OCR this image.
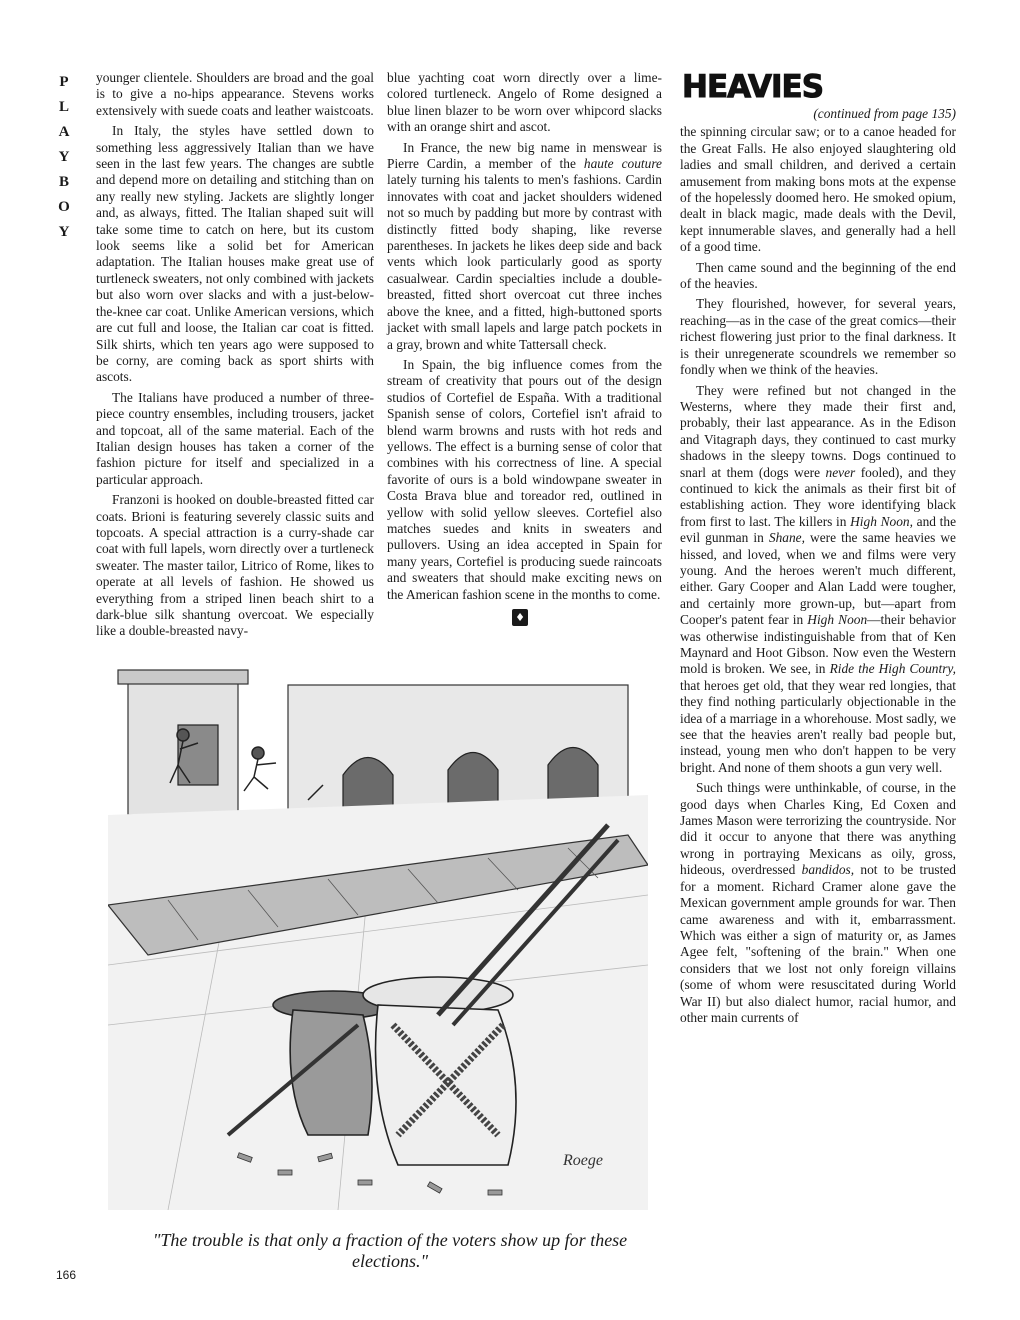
P
L
A
Y
B
O
Y

younger clientele. Shoulders are broad and the goal is to give a no-hips appearance. Stevens works extensively with suede coats and leather waistcoats.

In Italy, the styles have settled down to something less aggressively Italian than we have seen in the last few years. The changes are subtle and depend more on detailing and stitching than on any really new styling. Jackets are slightly longer and, as always, fitted. The Italian shaped suit will take some time to catch on here, but its custom look seems like a solid bet for American adaptation. The Italian houses make great use of turtleneck sweaters, not only combined with jackets but also worn over slacks and with a just-below-the-knee car coat. Unlike American versions, which are cut full and loose, the Italian car coat is fitted. Silk shirts, which ten years ago were supposed to be corny, are coming back as sport shirts with ascots.

The Italians have produced a number of three-piece country ensembles, including trousers, jacket and topcoat, all of the same material. Each of the Italian design houses has taken a corner of the fashion picture for itself and specialized in a particular approach.

Franzoni is hooked on double-breasted fitted car coats. Brioni is featuring severely classic suits and topcoats. A special attraction is a curry-shade car coat with full lapels, worn directly over a turtleneck sweater. The master tailor, Litrico of Rome, likes to operate at all levels of fashion. He showed us everything from a striped linen beach shirt to a dark-blue silk shantung overcoat. We especially like a double-breasted navy-

blue yachting coat worn directly over a lime-colored turtleneck. Angelo of Rome designed a blue linen blazer to be worn over whipcord slacks with an orange shirt and ascot.

In France, the new big name in menswear is Pierre Cardin, a member of the haute couture lately turning his talents to men's fashions. Cardin innovates with coat and jacket shoulders widened not so much by padding but more by contrast with distinctly fitted body shaping, like reverse parentheses. In jackets he likes deep side and back vents which look particularly good as sporty casualwear. Cardin specialties include a double-breasted, fitted short overcoat cut three inches above the knee, and a fitted, high-buttoned sports jacket with small lapels and large patch pockets in a gray, brown and white Tattersall check.

In Spain, the big influence comes from the stream of creativity that pours out of the design studios of Cortefiel de España. With a traditional Spanish sense of colors, Cortefiel isn't afraid to blend warm browns and rusts with hot reds and yellows. The effect is a burning sense of color that combines with his correctness of line. A special favorite of ours is a bold windowpane sweater in Costa Brava blue and toreador red, outlined in yellow with solid yellow sleeves. Cortefiel also matches suedes and knits in sweaters and pullovers. Using an idea accepted in Spain for many years, Cortefiel is producing suede raincoats and sweaters that should make exciting news on the American fashion scene in the months to come.

♦
HEAVIES
(continued from page 135)

the spinning circular saw; or to a canoe headed for the Great Falls. He also enjoyed slaughtering old ladies and small children, and derived a certain amusement from making bons mots at the expense of the hopelessly doomed hero. He smoked opium, dealt in black magic, made deals with the Devil, kept innumerable slaves, and generally had a hell of a good time.

Then came sound and the beginning of the end of the heavies.

They flourished, however, for several years, reaching—as in the case of the great comics—their richest flowering just prior to the final darkness. It is their unregenerate scoundrels we remember so fondly when we think of the heavies.

They were refined but not changed in the Westerns, where they made their first and, probably, their last appearance. As in the Edison and Vitagraph days, they continued to cast murky shadows in the sleepy towns. Dogs continued to snarl at them (dogs were never fooled), and they continued to kick the animals as their first bit of establishing action. They wore identifying black from first to last. The killers in High Noon, and the evil gunman in Shane, were the same heavies we hissed, and loved, when we and films were very young. And the heroes weren't much different, either. Gary Cooper and Alan Ladd were tougher, and certainly more grown-up, but—apart from Cooper's patent fear in High Noon—their behavior was otherwise indistinguishable from that of Ken Maynard and Hoot Gibson. Now even the Western mold is broken. We see, in Ride the High Country, that heroes get old, that they wear red longies, that they find nothing particularly objectionable in the idea of a marriage in a whorehouse. Most sadly, we see that the heavies aren't really bad people but, instead, young men who don't happen to be very bright. And none of them shoots a gun very well.

Such things were unthinkable, of course, in the good days when Charles King, Ed Coxen and James Mason were terrorizing the countryside. Nor did it occur to anyone that there was anything wrong in portraying Mexicans as oily, gross, hideous, overdressed bandidos, not to be trusted for a moment. Richard Cramer alone gave the Mexican government ample grounds for war. Then came awareness and with it, embarrassment. Which was either a sign of maturity or, as James Agee felt, "softening of the brain." When one considers that we lost not only foreign villains (some of whom were resuscitated during World War II) but also dialect humor, racial humor, and other main currents of

Roege
"The trouble is that only a fraction of the voters show up for these elections."
166
